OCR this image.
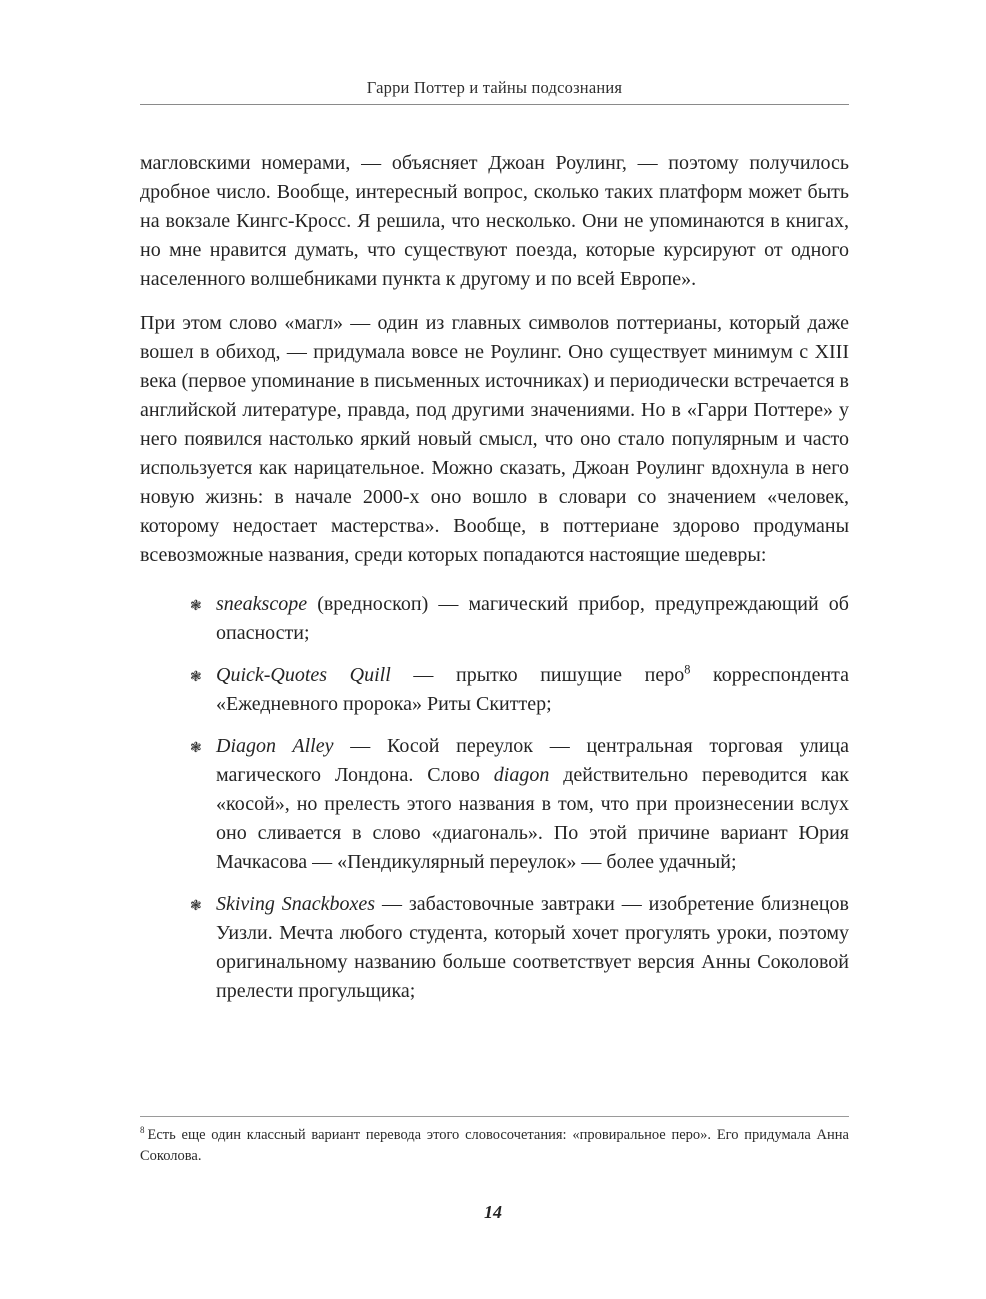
Гарри Поттер и тайны подсознания

магловскими номерами, — объясняет Джоан Роулинг, — поэтому получилось дробное число. Вообще, интересный вопрос, сколько таких платформ может быть на вокзале Кингс-Кросс. Я решила, что несколько. Они не упоминаются в книгах, но мне нравится думать, что существуют поезда, которые курсируют от одного населенного волшебниками пункта к другому и по всей Европе».

При этом слово «магл» — один из главных символов поттерианы, который даже вошел в обиход, — придумала вовсе не Роулинг. Оно существует минимум с XIII века (первое упоминание в письменных источниках) и периодически встречается в английской литературе, правда, под другими значениями. Но в «Гарри Поттере» у него появился настолько яркий новый смысл, что оно стало популярным и часто используется как нарицательное. Можно сказать, Джоан Роулинг вдохнула в него новую жизнь: в начале 2000-х оно вошло в словари со значением «человек, которому недостает мастерства». Вообще, в поттериане здорово продуманы всевозможные названия, среди которых попадаются настоящие шедевры:

❃ sneakscope (вредноскоп) — магический прибор, предупреждающий об опасности;
❃ Quick-Quotes Quill — прытко пишущие перо$^8$ корреспондента «Ежедневного пророка» Риты Скиттер;
❃ Diagon Alley — Косой переулок — центральная торговая улица магического Лондона. Слово diagon действительно переводится как «косой», но прелесть этого названия в том, что при произнесении вслух оно сливается в слово «диагональ». По этой причине вариант Юрия Мачкасова — «Пендикулярный переулок» — более удачный;
❃ Skiving Snackboxes — забастовочные завтраки — изобретение близнецов Уизли. Мечта любого студента, который хочет прогулять уроки, поэтому оригинальному названию больше соответствует версия Анны Соколовой прелести прогульщика;
$^8$ Есть еще один классный вариант перевода этого словосочетания: «провиральное перо». Его придумала Анна Соколова.
14
